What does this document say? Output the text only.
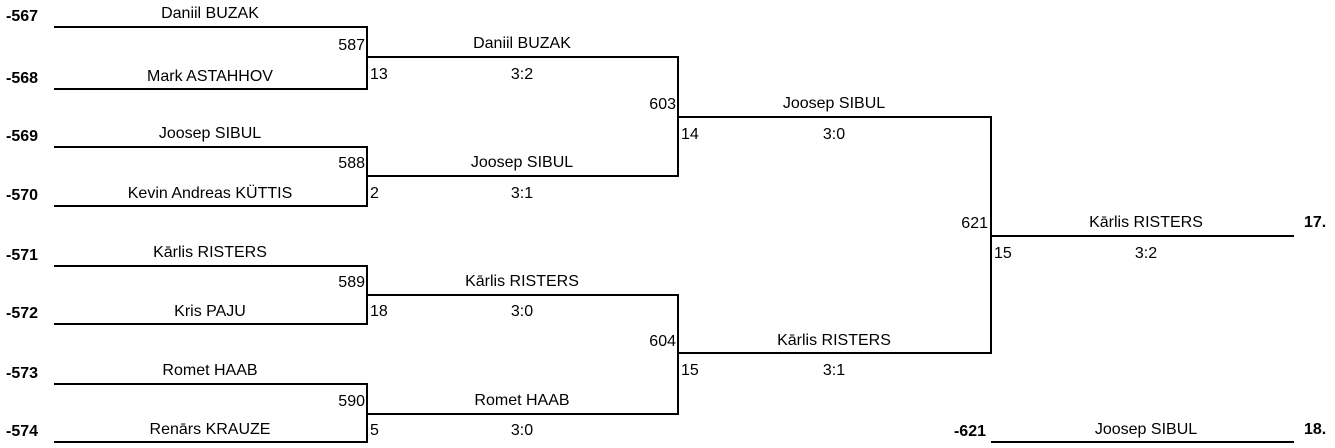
-567	Daniil BUZAK
-568	Mark ASTAHHOV
-569	Joosep SIBUL
-570	Kevin Andreas KÜTTIS
-571	Kārlis RISTERS
-572	Kris PAJU
-573	Romet HAAB
-574	Renārs KRAUZE
587	Daniil BUZAK
13	3:2
588	Joosep SIBUL
2	3:1
589	Kārlis RISTERS
18	3:0
590	Romet HAAB
5	3:0
603	Joosep SIBUL
14	3:0
604	Kārlis RISTERS
15	3:1
621	Kārlis RISTERS	17.
15	3:2
-621	Joosep SIBUL	18.
